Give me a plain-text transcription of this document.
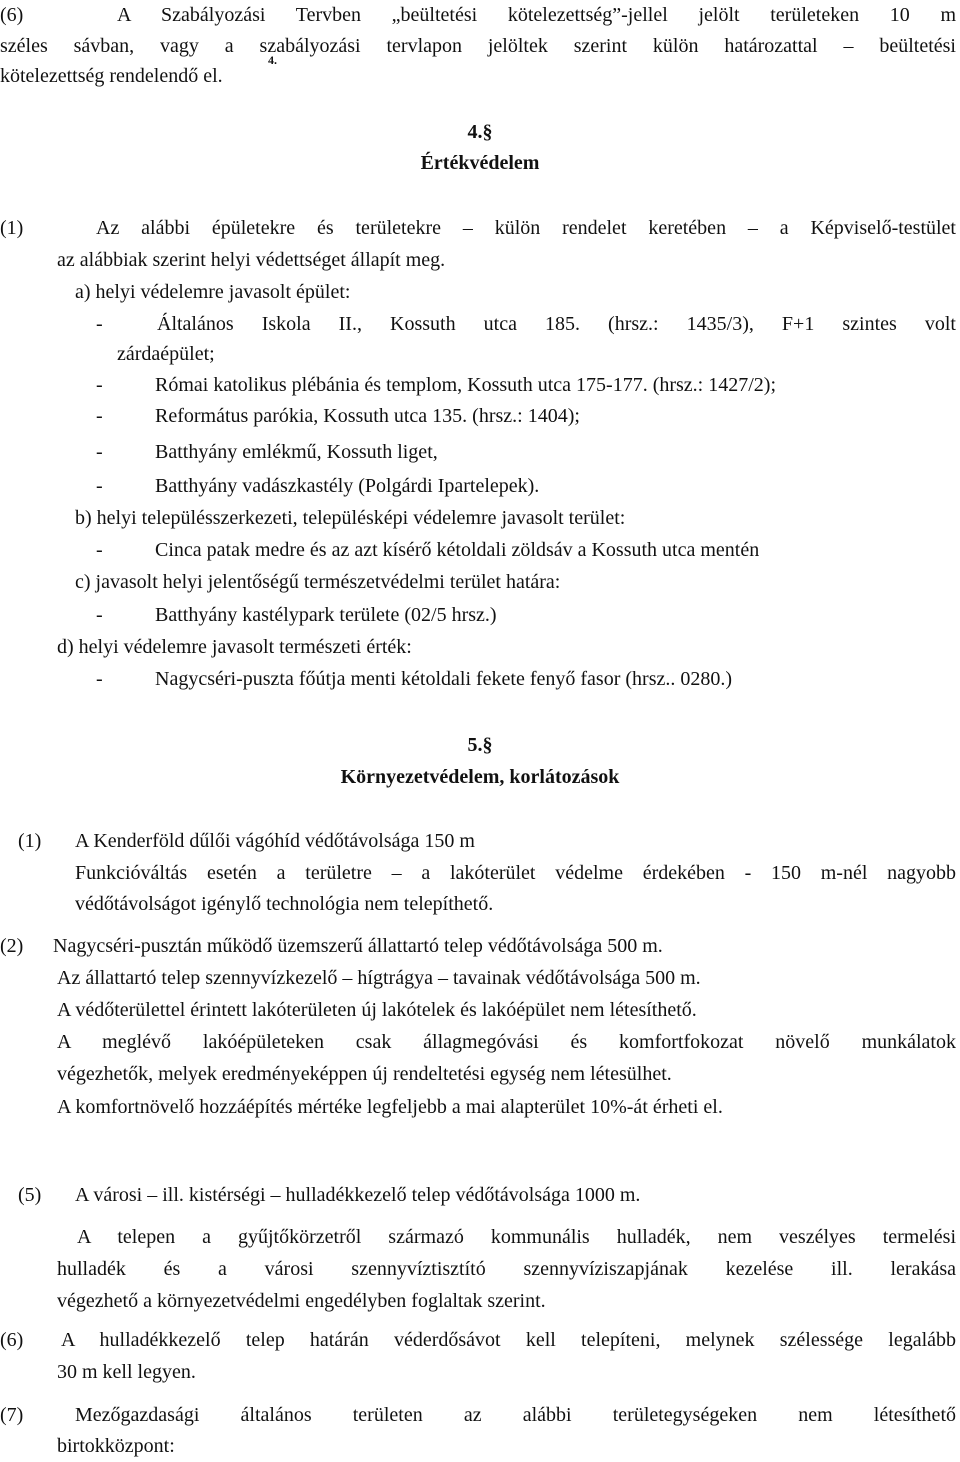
(6)	A Szabályozási Tervben „beültetési kötelezettség”-jellel jelölt területeken 10 m
széles sávban, vagy a szabályozási tervlapon jelöltek szerint külön határozattal – beültetési
kötelezettség rendelendő el.
4.
4.§
Értékvédelem
(1)	Az alábbi épületekre és területekre – külön rendelet keretében – a Képviselő-testület
az alábbiak szerint helyi védettséget állapít meg.
a) helyi védelemre javasolt épület:
-	Általános Iskola II., Kossuth utca 185. (hrsz.: 1435/3), F+1 szintes volt
zárdaépület;
-	Római katolikus plébánia és templom, Kossuth utca 175-177. (hrsz.: 1427/2);
-	Református parókia, Kossuth utca 135. (hrsz.: 1404);
-	Batthyány emlékmű, Kossuth liget,
-	Batthyány vadászkastély (Polgárdi Ipartelepek).
b) helyi településszerkezeti, településképi védelemre javasolt terület:
-	Cinca patak medre és az azt kísérő kétoldali zöldsáv a Kossuth utca mentén
c) javasolt helyi jelentőségű természetvédelmi terület határa:
-	Batthyány kastélypark területe (02/5 hrsz.)
d) helyi védelemre javasolt természeti érték:
-	Nagycséri-puszta főútja menti kétoldali fekete fenyő fasor (hrsz.. 0280.)
5.§
Környezetvédelem, korlátozások
(1) A Kenderföld dűlői vágóhíd védőtávolsága 150 m
Funkcióváltás esetén a területre – a lakóterület védelme érdekében - 150 m-nél nagyobb
védőtávolságot igénylő technológia nem telepíthető.
(2) Nagycséri-pusztán működő üzemszerű állattartó telep védőtávolsága 500 m.
Az állattartó telep szennyvízkezelő – hígtrágya – tavainak védőtávolsága 500 m.
A védőterülettel érintett lakóterületen új lakótelek és lakóépület nem létesíthető.
A meglévő lakóépületeken csak állagmegóvási és komfortfokozat növelő munkálatok
végezhetők, melyek eredményeképpen új rendeltetési egység nem létesülhet.
A komfortnövelő hozzáépítés mértéke legfeljebb a mai alapterület 10%-át érheti el.
(5) A városi – ill. kistérségi – hulladékkezelő telep védőtávolsága 1000 m.
A telepen a gyűjtőkörzetről származó kommunális hulladék, nem veszélyes termelési
hulladék és a városi szennyvíztisztító szennyvíziszapjának kezelése ill. lerakása
végezhető a környezetvédelmi engedélyben foglaltak szerint.
(6) A hulladékkezelő telep határán véderdősávot kell telepíteni, melynek szélessége legalább
30 m kell legyen.
(7)	Mezőgazdasági általános területen az alábbi területegységeken nem létesíthető
birtokközpont:
